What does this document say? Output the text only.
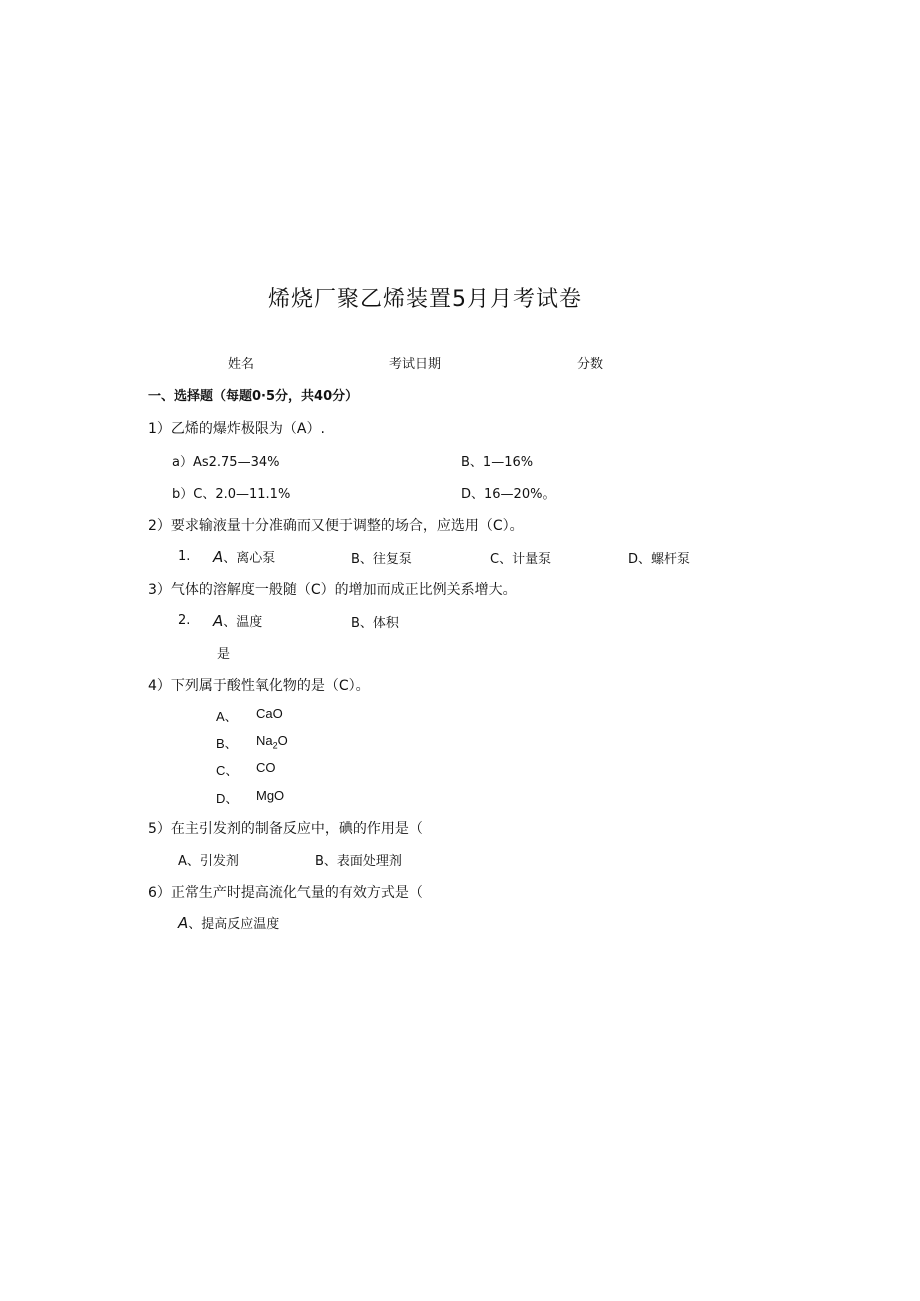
烯烧厂聚乙烯装置5月月考试卷
姓名	考试日期	分数
一、选择题（每题0·5分，共40分）
1）乙烯的爆炸极限为（A）.
a）As2.75—34%	B、1—16%
b）C、2.0—11.1%	D、16—20%。
2）要求输液量十分准确而又便于调整的场合，应选用（C）。
1. A、离心泵	B、往复泵	C、计量泵	D、螺杆泵
3）气体的溶解度一般随（C）的增加而成正比例关系增大。
2. A、温度	B、体积
是
4）下列属于酸性氧化物的是（C）。
A、 CaO
B、 $Na_2O$
C、 CO
D、 MgO
5）在主引发剂的制备反应中，碘的作用是（
A、引发剂	B、表面处理剂
6）正常生产时提高流化气量的有效方式是（
A、提高反应温度
